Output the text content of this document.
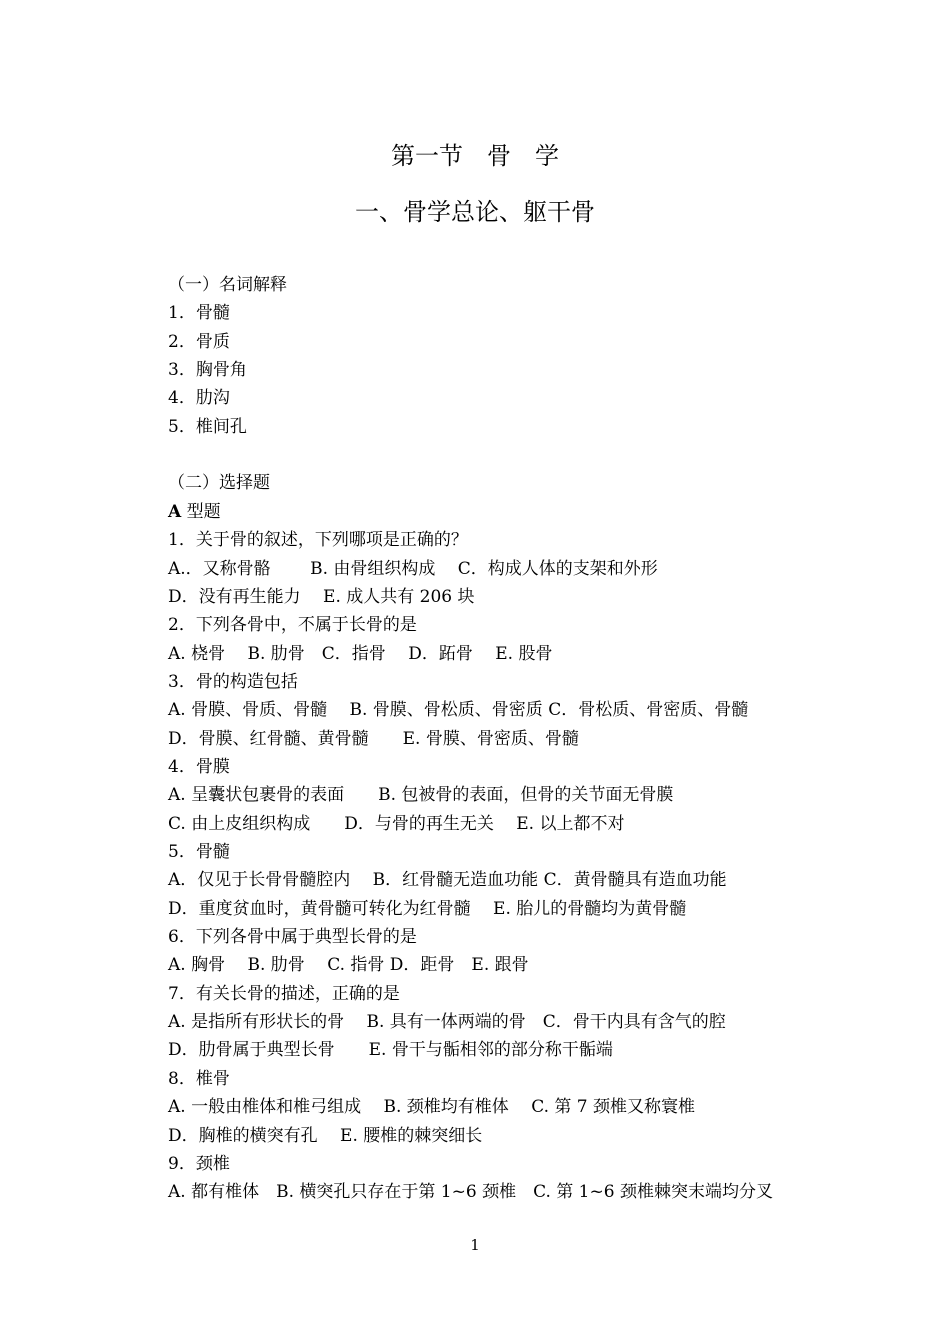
第一节　骨　学
一、骨学总论、躯干骨
（一）名词解释
1．骨髓
2．骨质
3．胸骨角
4．肋沟
5．椎间孔
（二）选择题
A 型题
1．关于骨的叙述，下列哪项是正确的？
A.．又称骨骼　　 B. 由骨组织构成　 C．构成人体的支架和外形
D．没有再生能力　 E. 成人共有 206 块
2．下列各骨中，不属于长骨的是
A. 桡骨　 B. 肋骨　C．指骨　 D．跖骨　 E. 股骨
3．骨的构造包括
A. 骨膜、骨质、骨髓　 B. 骨膜、骨松质、骨密质 C．骨松质、骨密质、骨髓
D．骨膜、红骨髓、黄骨髓　　E. 骨膜、骨密质、骨髓
4．骨膜
A. 呈囊状包裹骨的表面　　B. 包被骨的表面，但骨的关节面无骨膜
C. 由上皮组织构成　　D．与骨的再生无关　 E. 以上都不对
5．骨髓
A．仅见于长骨骨髓腔内　 B．红骨髓无造血功能 C．黄骨髓具有造血功能
D．重度贫血时，黄骨髓可转化为红骨髓　 E. 胎儿的骨髓均为黄骨髓
6．下列各骨中属于典型长骨的是
A. 胸骨　 B. 肋骨　 C. 指骨 D．距骨　E. 跟骨
7．有关长骨的描述，正确的是
A. 是指所有形状长的骨　 B. 具有一体两端的骨　C．骨干内具有含气的腔
D．肋骨属于典型长骨　　E. 骨干与骺相邻的部分称干骺端
8．椎骨
A. 一般由椎体和椎弓组成　 B. 颈椎均有椎体　 C. 第 7 颈椎又称寰椎
D．胸椎的横突有孔　 E. 腰椎的棘突细长
9．颈椎
A. 都有椎体　B. 横突孔只存在于第 1~6 颈椎　C. 第 1~6 颈椎棘突末端均分叉
1
